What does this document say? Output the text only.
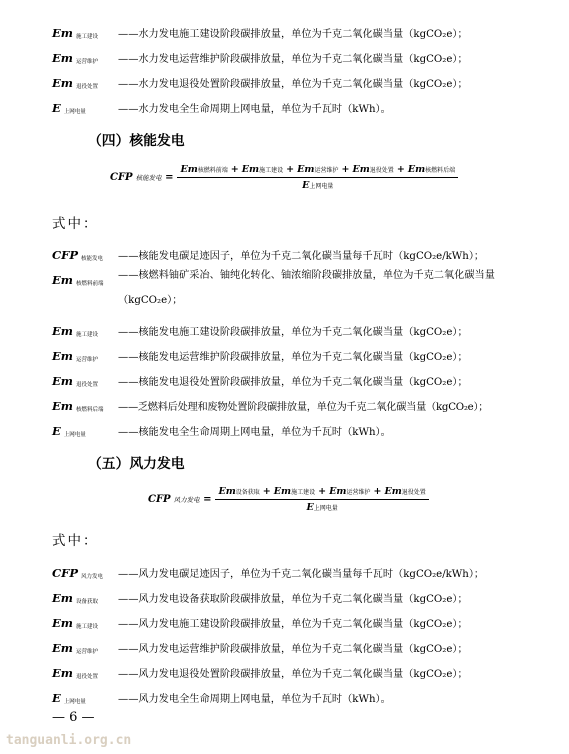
Em 施工建设	——水力发电施工建设阶段碳排放量，单位为千克二氧化碳当量（kgCO₂e）；
Em 运营维护	——水力发电运营维护阶段碳排放量，单位为千克二氧化碳当量（kgCO₂e）；
Em 退役处置	——水力发电退役处置阶段碳排放量，单位为千克二氧化碳当量（kgCO₂e）；
E上网电量	——水力发电全生命周期上网电量，单位为千瓦时（kWh）。
（四）核能发电
CFP 核能发电 =
Em核燃料前端 + Em施工建设 + Em运营维护 + Em退役处置 + Em核燃料后端
E上网电量
式中：
CFP 核能发电	——核能发电碳足迹因子，单位为千克二氧化碳当量每千瓦时（kgCO₂e/kWh）；
Em 核燃料前端
——核燃料铀矿采冶、铀纯化转化、铀浓缩阶段碳排放量，单位为千克二氧化碳当量（kgCO₂e）；
Em 施工建设	——核能发电施工建设阶段碳排放量，单位为千克二氧化碳当量（kgCO₂e）；
Em 运营维护	——核能发电运营维护阶段碳排放量，单位为千克二氧化碳当量（kgCO₂e）；
Em 退役处置	——核能发电退役处置阶段碳排放量，单位为千克二氧化碳当量（kgCO₂e）；
Em 核燃料后端	——乏燃料后处理和废物处置阶段碳排放量，单位为千克二氧化碳当量（kgCO₂e）；
E上网电量	——核能发电全生命周期上网电量，单位为千瓦时（kWh）。
（五）风力发电
CFP 风力发电 =
Em设备获取 + Em施工建设 + Em运营维护 + Em退役处置
E上网电量
式中：
CFP 风力发电	——风力发电碳足迹因子，单位为千克二氧化碳当量每千瓦时（kgCO₂e/kWh）；
Em 设备获取	——风力发电设备获取阶段碳排放量，单位为千克二氧化碳当量（kgCO₂e）；
Em 施工建设	——风力发电施工建设阶段碳排放量，单位为千克二氧化碳当量（kgCO₂e）；
Em 运营维护	——风力发电运营维护阶段碳排放量，单位为千克二氧化碳当量（kgCO₂e）；
Em 退役处置	——风力发电退役处置阶段碳排放量，单位为千克二氧化碳当量（kgCO₂e）；
E上网电量	——风力发电全生命周期上网电量，单位为千瓦时（kWh）。
— 6 —
tanguanli.org.cn
